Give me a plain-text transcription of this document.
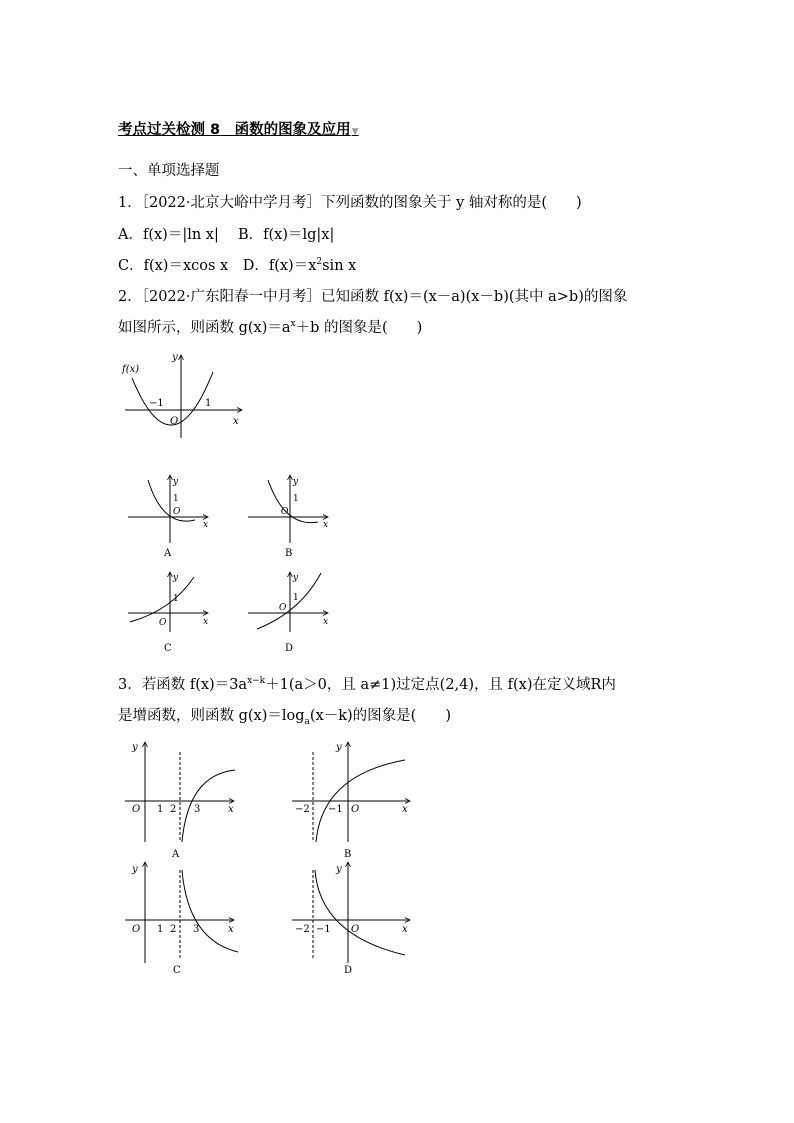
考点过关检测 8　函数的图象及应用▼
一、单项选择题
1．［2022·北京大峪中学月考］下列函数的图象关于 y 轴对称的是(　　)
A．f(x)＝|ln x|　 B．f(x)＝lg|x|
C．f(x)＝xcos x　D．$f(x)=x^2\sin$ x
2．［2022·广东阳春一中月考］已知函数 f(x)＝(x－a)(x－b)(其中 a>b)的图象
如图所示，则函数 $g(x)=a^x+b$ 的图象是(　　)
3．若函数 $f(x)=3a^{x-k}+1(a>0$，且 a≠1)过定点(2,4)，且 f(x)在定义域R内
是增函数，则函数 $g(x)=\log_a(x-k)$的图象是(　　)
f(x)
y
x
O
−1	1
y
1
O
x
y
1
O
x
y
1
O	x
y
1
O
x
A	B
C	D
y
O 1 2 3	x
A
y
−2 −1 O	x
B
y
O 1 2 3	x
C
y
−2 −1 O	x
D
